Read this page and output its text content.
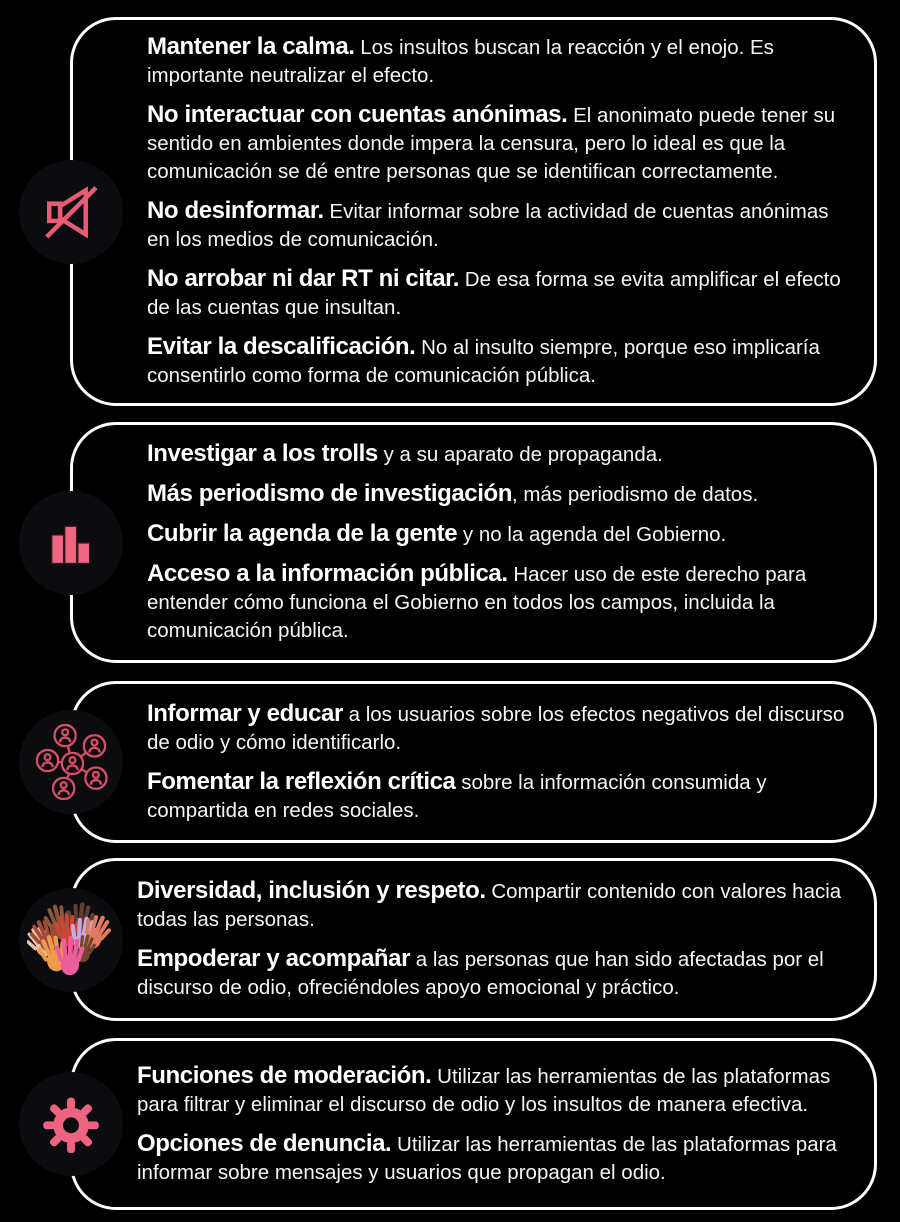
Mantener la calma. Los insultos buscan la reacción y el enojo. Es importante neutralizar el efecto.

No interactuar con cuentas anónimas. El anonimato puede tener su sentido en ambientes donde impera la censura, pero lo ideal es que la comunicación se dé entre personas que se identifican correctamente.

No desinformar. Evitar informar sobre la actividad de cuentas anónimas en los medios de comunicación.

No arrobar ni dar RT ni citar. De esa forma se evita amplificar el efecto de las cuentas que insultan.

Evitar la descalificación. No al insulto siempre, porque eso implicaría consentirlo como forma de comunicación pública.

Investigar a los trolls y a su aparato de propaganda.

Más periodismo de investigación, más periodismo de datos.

Cubrir la agenda de la gente y no la agenda del Gobierno.

Acceso a la información pública. Hacer uso de este derecho para entender cómo funciona el Gobierno en todos los campos, incluida la comunicación pública.

Informar y educar a los usuarios sobre los efectos negativos del discurso de odio y cómo identificarlo.

Fomentar la reflexión crítica sobre la información consumida y compartida en redes sociales.

Diversidad, inclusión y respeto. Compartir contenido con valores hacia todas las personas.

Empoderar y acompañar a las personas que han sido afectadas por el discurso de odio, ofreciéndoles apoyo emocional y práctico.

Funciones de moderación. Utilizar las herramientas de las plataformas para filtrar y eliminar el discurso de odio y los insultos de manera efectiva.

Opciones de denuncia. Utilizar las herramientas de las plataformas para informar sobre mensajes y usuarios que propagan el odio.
